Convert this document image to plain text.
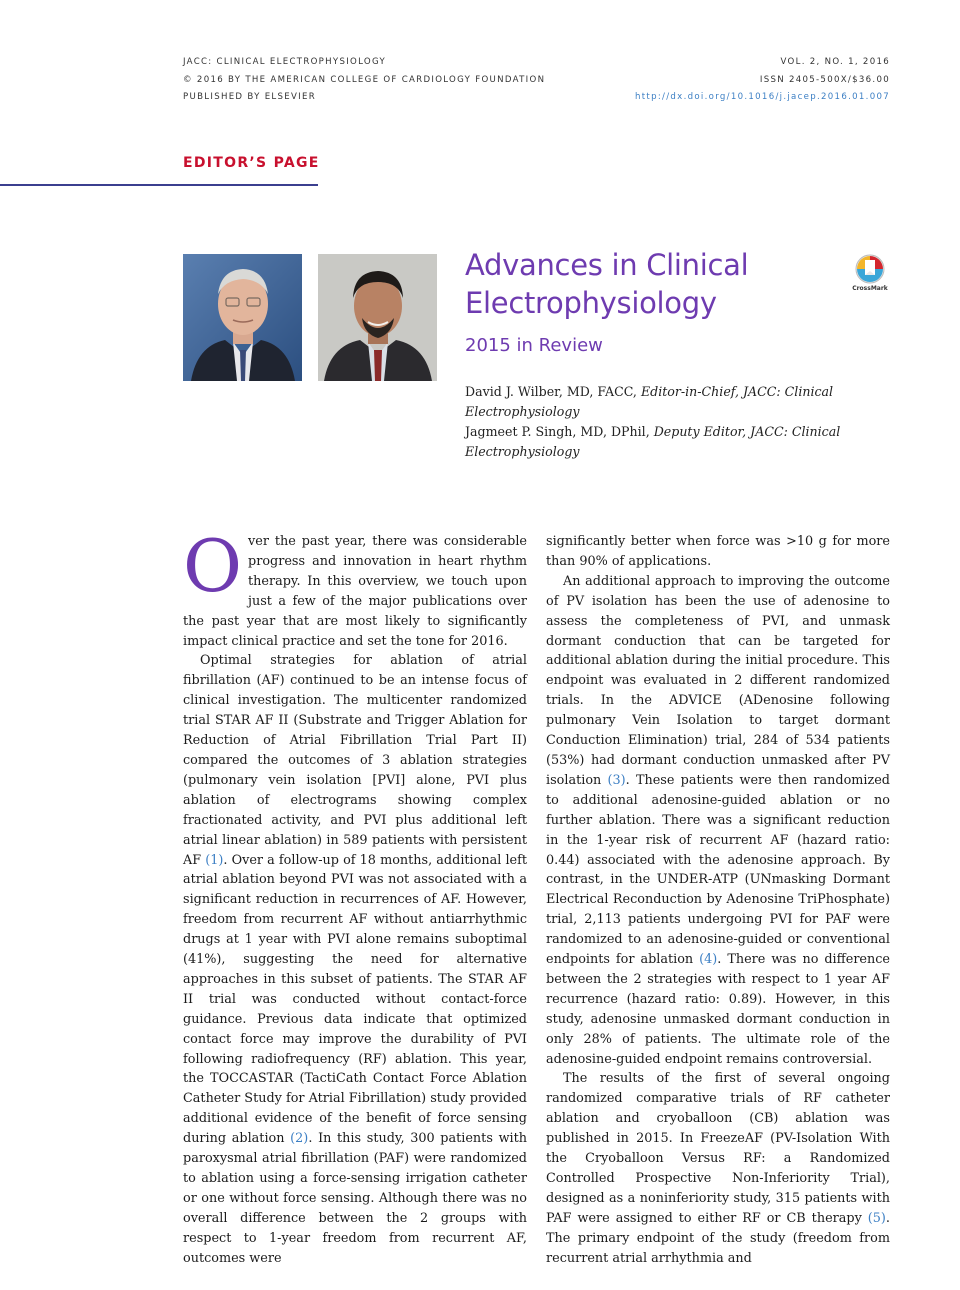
JACC: CLINICAL ELECTROPHYSIOLOGY
© 2016 BY THE AMERICAN COLLEGE OF CARDIOLOGY FOUNDATION
PUBLISHED BY ELSEVIER
VOL. 2, NO. 1, 2016
ISSN 2405-500X/$36.00
http://dx.doi.org/10.1016/j.jacep.2016.01.007
EDITOR’S PAGE
Advances in Clinical Electrophysiology
2015 in Review
CrossMark
David J. Wilber, MD, FACC, Editor-in-Chief, JACC: Clinical Electrophysiology
Jagmeet P. Singh, MD, DPhil, Deputy Editor, JACC: Clinical Electrophysiology

Over the past year, there was considerable progress and innovation in heart rhythm therapy. In this overview, we touch upon just a few of the major publications over the past year that are most likely to significantly impact clinical practice and set the tone for 2016.

Optimal strategies for ablation of atrial fibrillation (AF) continued to be an intense focus of clinical investigation. The multicenter randomized trial STAR AF II (Substrate and Trigger Ablation for Reduction of Atrial Fibrillation Trial Part II) compared the outcomes of 3 ablation strategies (pulmonary vein isolation [PVI] alone, PVI plus ablation of electrograms showing complex fractionated activity, and PVI plus additional left atrial linear ablation) in 589 patients with persistent AF (1). Over a follow-up of 18 months, additional left atrial ablation beyond PVI was not associated with a significant reduction in recurrences of AF. However, freedom from recurrent AF without antiarrhythmic drugs at 1 year with PVI alone remains suboptimal (41%), suggesting the need for alternative approaches in this subset of patients. The STAR AF II trial was conducted without contact-force guidance. Previous data indicate that optimized contact force may improve the durability of PVI following radiofrequency (RF) ablation. This year, the TOCCASTAR (TactiCath Contact Force Ablation Catheter Study for Atrial Fibrillation) study provided additional evidence of the benefit of force sensing during ablation (2). In this study, 300 patients with paroxysmal atrial fibrillation (PAF) were randomized to ablation using a force-sensing irrigation catheter or one without force sensing. Although there was no overall difference between the 2 groups with respect to 1-year freedom from recurrent AF, outcomes were

significantly better when force was >10 g for more than 90% of applications.

An additional approach to improving the outcome of PV isolation has been the use of adenosine to assess the completeness of PVI, and unmask dormant conduction that can be targeted for additional ablation during the initial procedure. This endpoint was evaluated in 2 different randomized trials. In the ADVICE (ADenosine following pulmonary Vein Isolation to target dormant Conduction Elimination) trial, 284 of 534 patients (53%) had dormant conduction unmasked after PV isolation (3). These patients were then randomized to additional adenosine-guided ablation or no further ablation. There was a significant reduction in the 1-year risk of recurrent AF (hazard ratio: 0.44) associated with the adenosine approach. By contrast, in the UNDER-ATP (UNmasking Dormant Electrical Reconduction by Adenosine TriPhosphate) trial, 2,113 patients undergoing PVI for PAF were randomized to an adenosine-guided or conventional endpoints for ablation (4). There was no difference between the 2 strategies with respect to 1 year AF recurrence (hazard ratio: 0.89). However, in this study, adenosine unmasked dormant conduction in only 28% of patients. The ultimate role of the adenosine-guided endpoint remains controversial.

The results of the first of several ongoing randomized comparative trials of RF catheter ablation and cryoballoon (CB) ablation was published in 2015. In FreezeAF (PV-Isolation With the Cryoballoon Versus RF: a Randomized Controlled Prospective Non-Inferiority Trial), designed as a noninferiority study, 315 patients with PAF were assigned to either RF or CB therapy (5). The primary endpoint of the study (freedom from recurrent atrial arrhythmia and
